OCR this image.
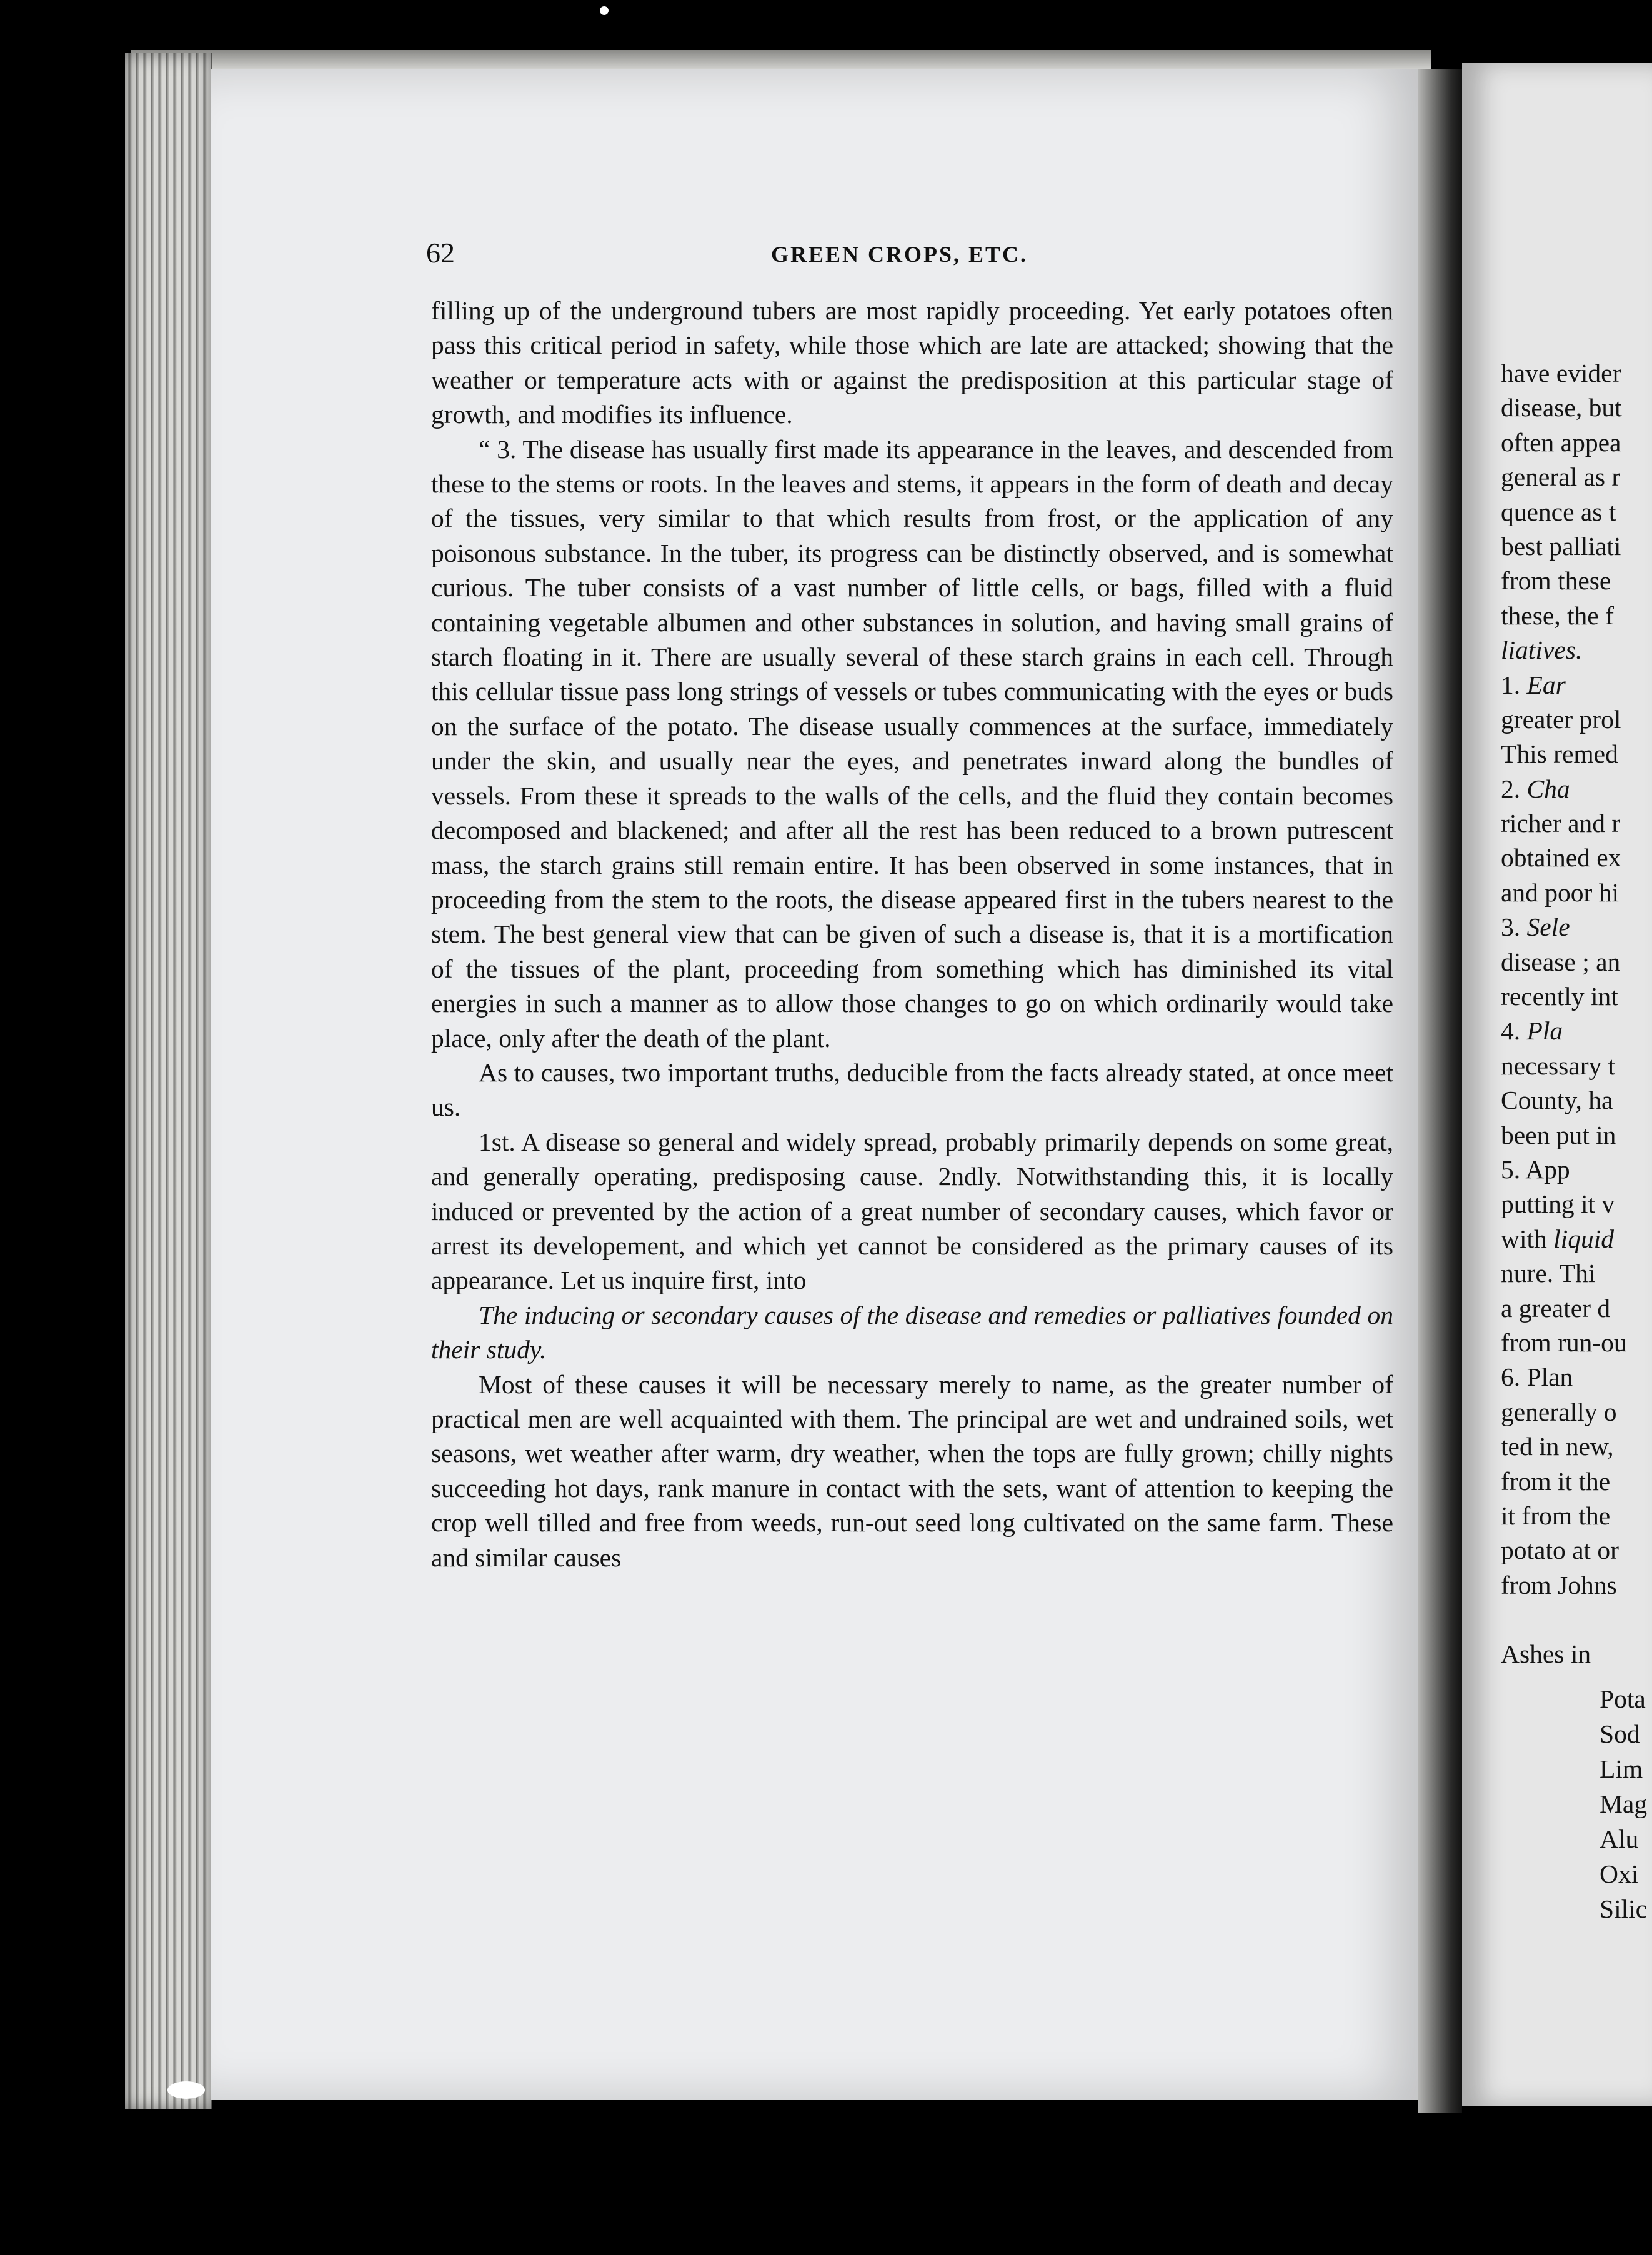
62	GREEN CROPS, ETC.

filling up of the underground tubers are most rapidly proceeding. Yet early potatoes often pass this critical period in safety, while those which are late are attacked; showing that the weather or temperature acts with or against the predisposition at this particular stage of growth, and modifies its influence.

“ 3. The disease has usually first made its appearance in the leaves, and descended from these to the stems or roots. In the leaves and stems, it appears in the form of death and decay of the tissues, very similar to that which results from frost, or the application of any poisonous substance. In the tuber, its progress can be distinctly observed, and is somewhat curious. The tuber consists of a vast number of little cells, or bags, filled with a fluid containing vegetable albumen and other substances in solution, and having small grains of starch floating in it. There are usually several of these starch grains in each cell. Through this cellular tissue pass long strings of vessels or tubes communicating with the eyes or buds on the surface of the potato. The disease usually commences at the surface, immediately under the skin, and usually near the eyes, and penetrates inward along the bundles of vessels. From these it spreads to the walls of the cells, and the fluid they contain becomes decomposed and blackened; and after all the rest has been reduced to a brown putrescent mass, the starch grains still remain entire. It has been observed in some instances, that in proceeding from the stem to the roots, the disease appeared first in the tubers nearest to the stem. The best general view that can be given of such a disease is, that it is a mortification of the tissues of the plant, proceeding from something which has diminished its vital energies in such a manner as to allow those changes to go on which ordinarily would take place, only after the death of the plant.

As to causes, two important truths, deducible from the facts already stated, at once meet us.

1st. A disease so general and widely spread, probably primarily depends on some great, and generally operating, predisposing cause. 2ndly. Notwithstanding this, it is locally induced or prevented by the action of a great number of secondary causes, which favor or arrest its developement, and which yet cannot be considered as the primary causes of its appearance. Let us inquire first, into

The inducing or secondary causes of the disease and remedies or palliatives founded on their study.

Most of these causes it will be necessary merely to name, as the greater number of practical men are well acquainted with them. The principal are wet and undrained soils, wet seasons, wet weather after warm, dry weather, when the tops are fully grown; chilly nights succeeding hot days, rank manure in contact with the sets, want of attention to keeping the crop well tilled and free from weeds, run-out seed long cultivated on the same farm. These and similar causes

have evider
disease, but
often appea
general as r
quence as t
best palliati
from these
these, the f
liatives.
1. Ear
greater prol
This remed
2. Cha
richer and r
obtained ex
and poor hi
3. Sele
disease ; an
recently int
4. Pla
necessary t
County, ha
been put in
5. App
putting it v
with liquid
nure. Thi
a greater d
from run-ou
6. Plan
generally o
ted in new,
from it the
it from the
potato at or
from Johns
Ashes in
Pota
Sod
Lim
Mag
Alu
Oxi
Silic
